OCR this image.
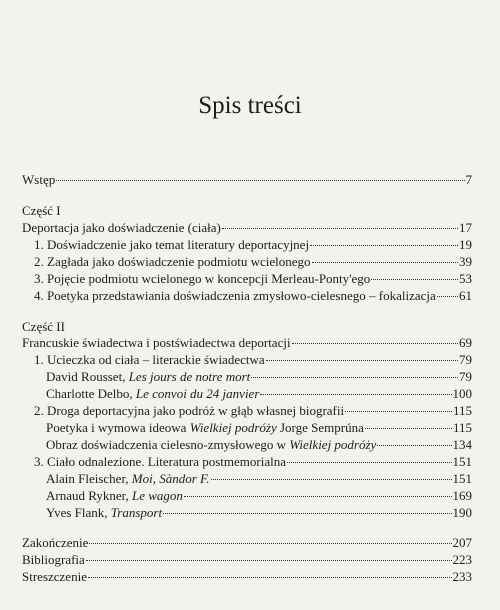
Spis treści
Wstęp	7
Część I
Deportacja jako doświadczenie (ciała)	17
1. Doświadczenie jako temat literatury deportacyjnej	19
2. Zagłada jako doświadczenie podmiotu wcielonego	39
3. Pojęcie podmiotu wcielonego w koncepcji Merleau-Ponty'ego	53
4. Poetyka przedstawiania doświadczenia zmysłowo-cielesnego – fokalizacja 61
Część II
Francuskie świadectwa i postświadectwa deportacji	69
1. Ucieczka od ciała – literackie świadectwa	79
David Rousset, Les jours de notre mort	79
Charlotte Delbo, Le convoi du 24 janvier	100
2. Droga deportacyjna jako podróż w głąb własnej biografii	115
Poetyka i wymowa ideowa Wielkiej podróży Jorge Semprúna	115
Obraz doświadczenia cielesno-zmysłowego w Wielkiej podróży	134
3. Ciało odnalezione. Literatura postmemorialna	151
Alain Fleischer, Moi, Sàndor F.	151
Arnaud Rykner, Le wagon	169
Yves Flank, Transport	190
Zakończenie	207
Bibliografia	223
Streszczenie	233
